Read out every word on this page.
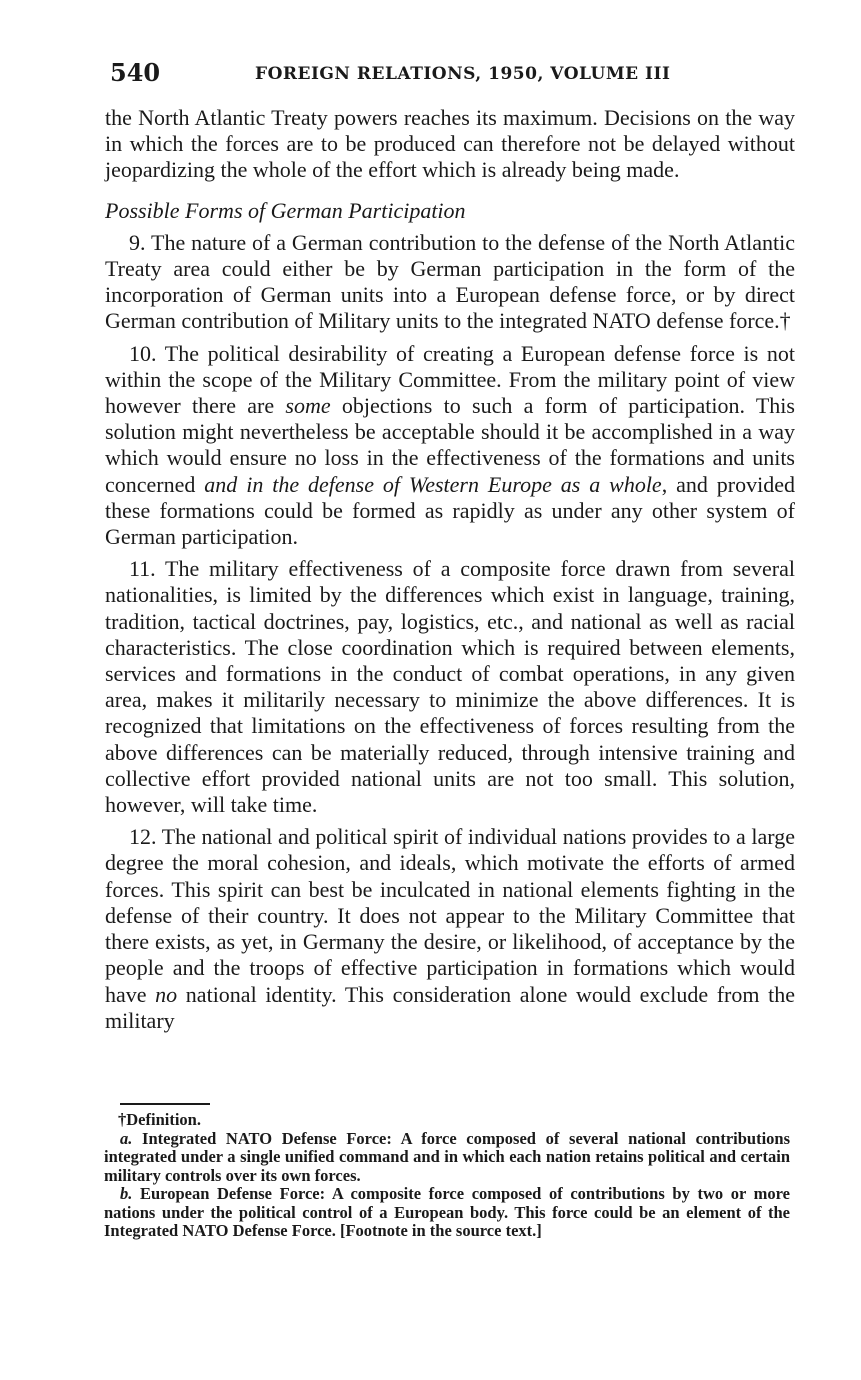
540	FOREIGN RELATIONS, 1950, VOLUME III

the North Atlantic Treaty powers reaches its maximum. Decisions on the way in which the forces are to be produced can therefore not be delayed without jeopardizing the whole of the effort which is already being made.

Possible Forms of German Participation

9. The nature of a German contribution to the defense of the North Atlantic Treaty area could either be by German participation in the form of the incorporation of German units into a European defense force, or by direct German contribution of Military units to the integrated NATO defense force.†

10. The political desirability of creating a European defense force is not within the scope of the Military Committee. From the military point of view however there are some objections to such a form of participation. This solution might nevertheless be acceptable should it be accomplished in a way which would ensure no loss in the effectiveness of the formations and units concerned and in the defense of Western Europe as a whole, and provided these formations could be formed as rapidly as under any other system of German participation.

11. The military effectiveness of a composite force drawn from several nationalities, is limited by the differences which exist in language, training, tradition, tactical doctrines, pay, logistics, etc., and national as well as racial characteristics. The close coordination which is required between elements, services and formations in the conduct of combat operations, in any given area, makes it militarily necessary to minimize the above differences. It is recognized that limitations on the effectiveness of forces resulting from the above differences can be materially reduced, through intensive training and collective effort provided national units are not too small. This solution, however, will take time.

12. The national and political spirit of individual nations provides to a large degree the moral cohesion, and ideals, which motivate the efforts of armed forces. This spirit can best be inculcated in national elements fighting in the defense of their country. It does not appear to the Military Committee that there exists, as yet, in Germany the desire, or likelihood, of acceptance by the people and the troops of effective participation in formations which would have no national identity. This consideration alone would exclude from the military

†Definition.

a. Integrated NATO Defense Force: A force composed of several national contributions integrated under a single unified command and in which each nation retains political and certain military controls over its own forces.

b. European Defense Force: A composite force composed of contributions by two or more nations under the political control of a European body. This force could be an element of the Integrated NATO Defense Force. [Footnote in the source text.]
